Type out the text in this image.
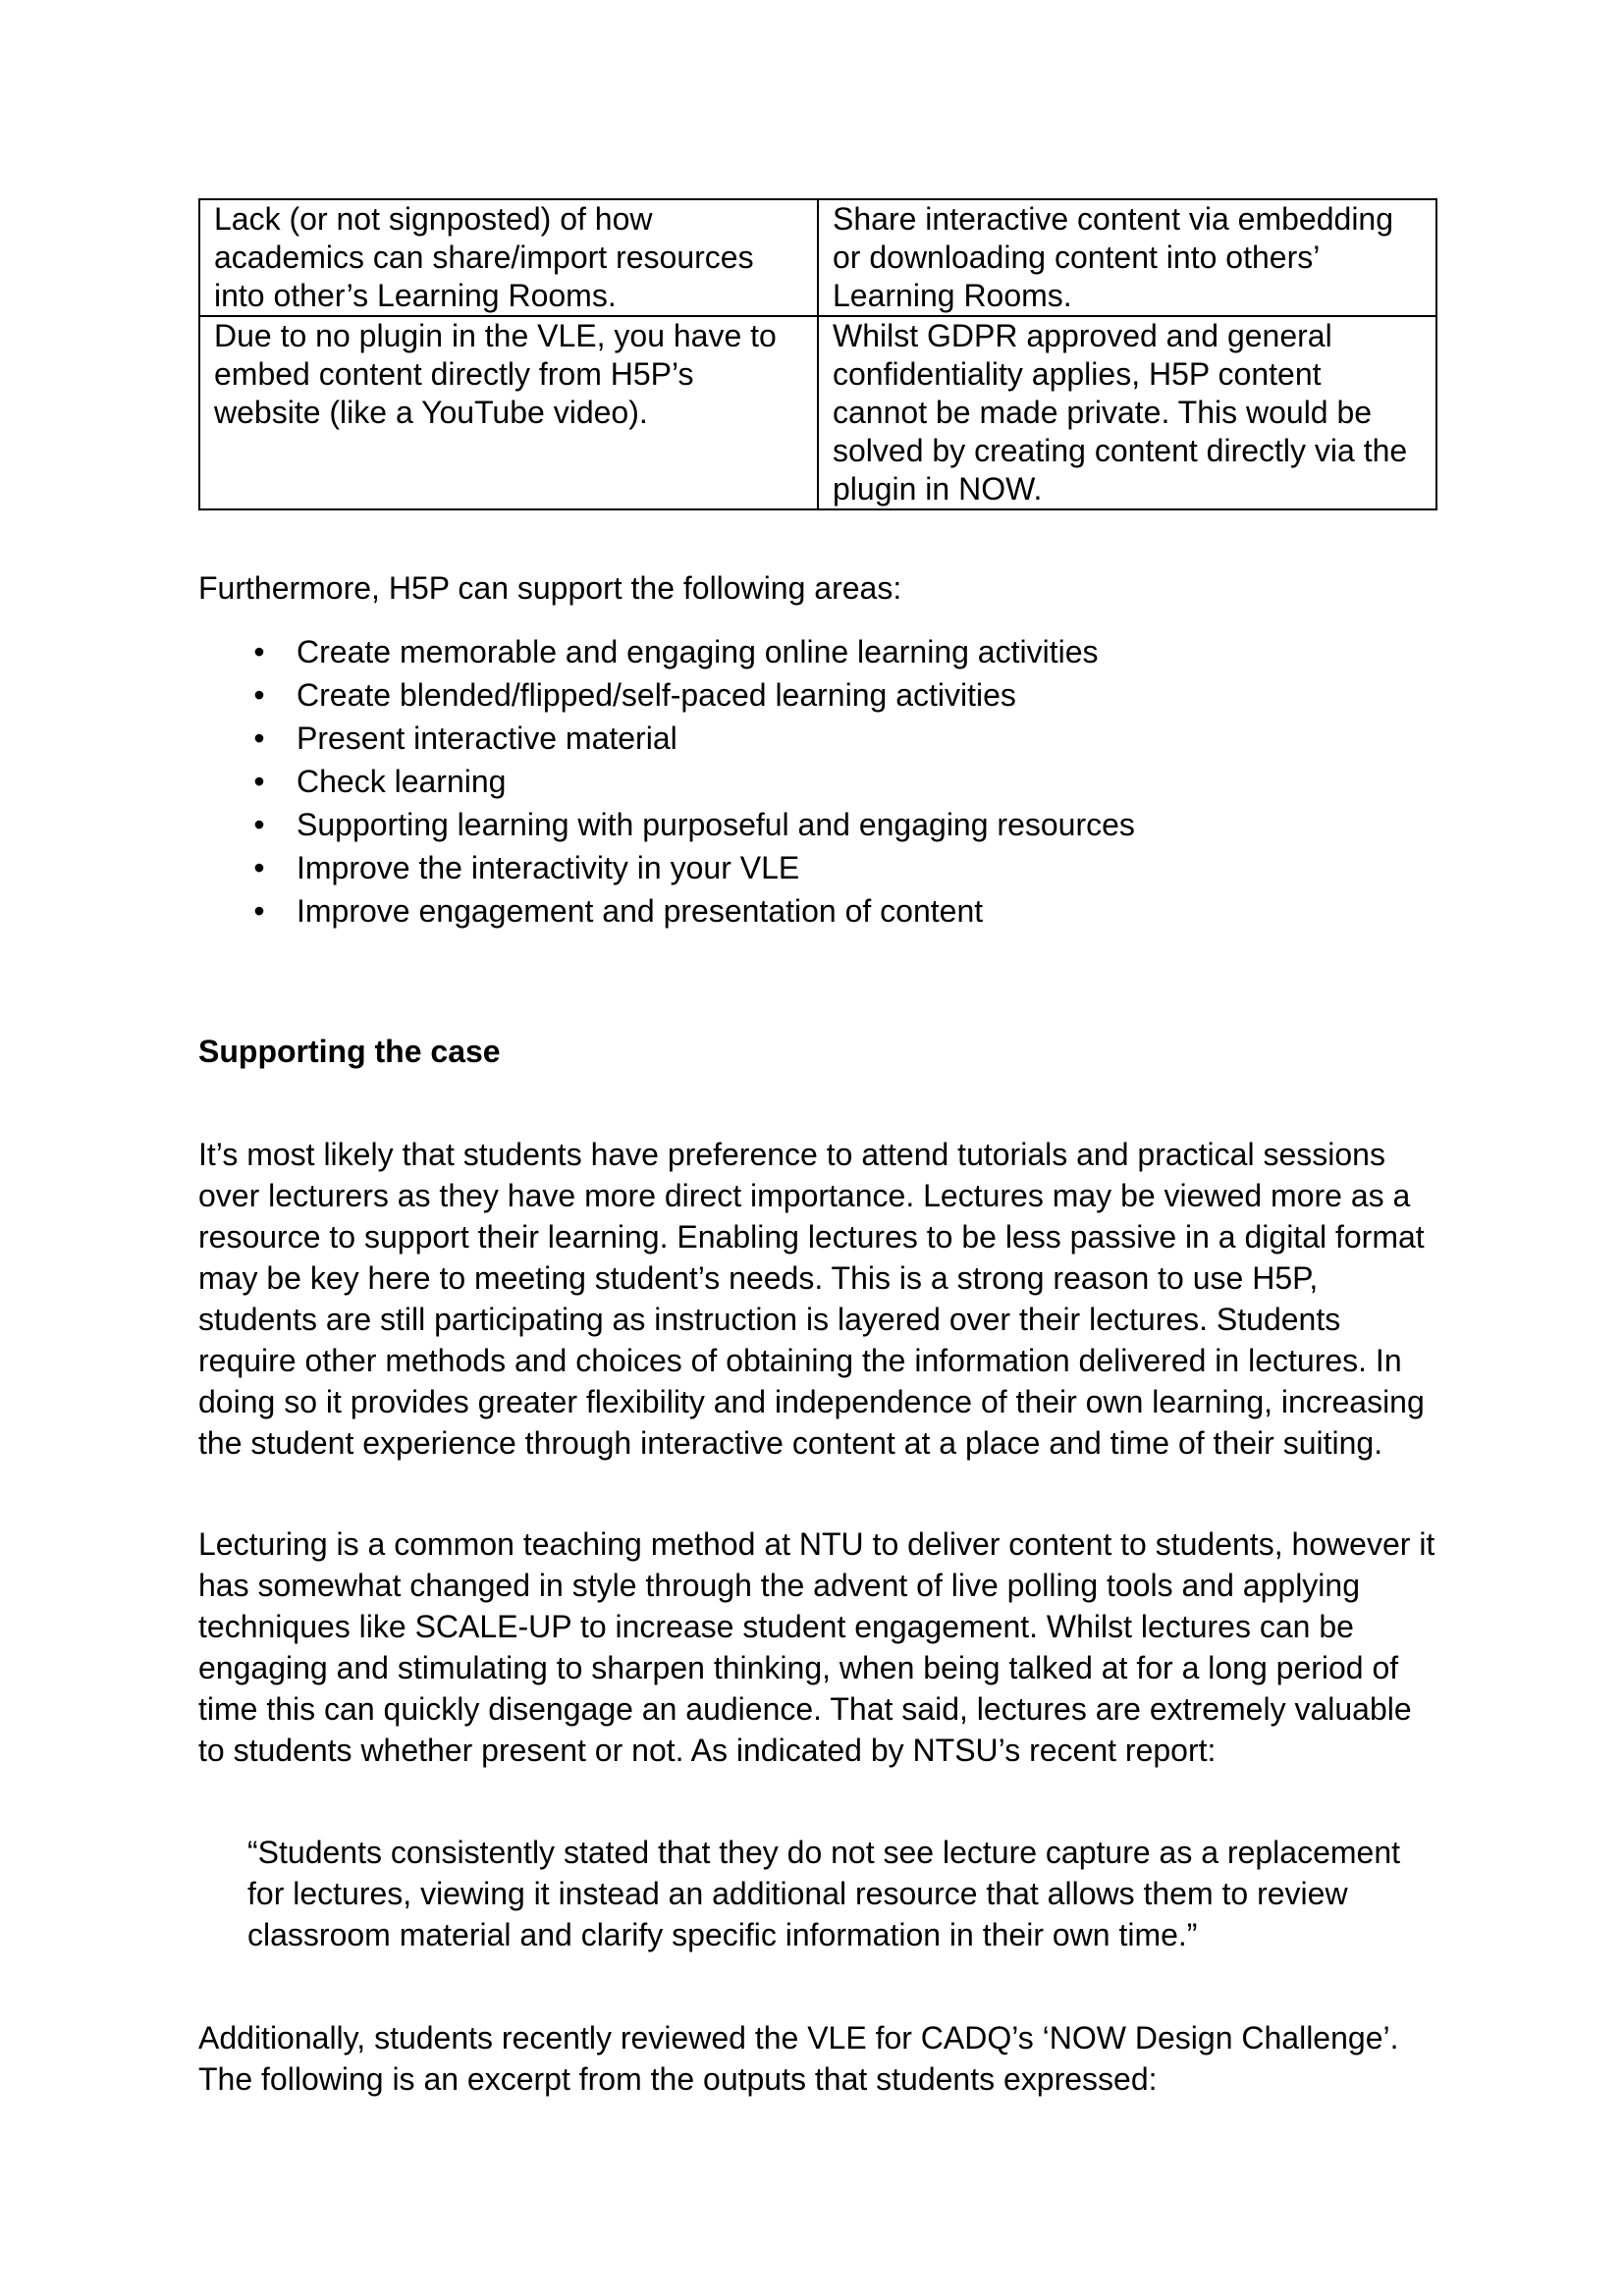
Lack (or not signposted) of how academics can share/import resources into other’s Learning Rooms.	Share interactive content via embedding or downloading content into others’ Learning Rooms.
Due to no plugin in the VLE, you have to embed content directly from H5P’s website (like a YouTube video).	Whilst GDPR approved and general confidentiality applies, H5P content cannot be made private. This would be solved by creating content directly via the plugin in NOW.

Furthermore, H5P can support the following areas:

• Create memorable and engaging online learning activities
• Create blended/flipped/self-paced learning activities
• Present interactive material
• Check learning
• Supporting learning with purposeful and engaging resources
• Improve the interactivity in your VLE
• Improve engagement and presentation of content
Supporting the case

It’s most likely that students have preference to attend tutorials and practical sessions over lecturers as they have more direct importance. Lectures may be viewed more as a resource to support their learning. Enabling lectures to be less passive in a digital format may be key here to meeting student’s needs. This is a strong reason to use H5P, students are still participating as instruction is layered over their lectures. Students require other methods and choices of obtaining the information delivered in lectures. In doing so it provides greater flexibility and independence of their own learning, increasing the student experience through interactive content at a place and time of their suiting.

Lecturing is a common teaching method at NTU to deliver content to students, however it has somewhat changed in style through the advent of live polling tools and applying techniques like SCALE-UP to increase student engagement. Whilst lectures can be engaging and stimulating to sharpen thinking, when being talked at for a long period of time this can quickly disengage an audience. That said, lectures are extremely valuable to students whether present or not. As indicated by NTSU’s recent report:

“Students consistently stated that they do not see lecture capture as a replacement for lectures, viewing it instead an additional resource that allows them to review classroom material and clarify specific information in their own time.”

Additionally, students recently reviewed the VLE for CADQ’s ‘NOW Design Challenge’. The following is an excerpt from the outputs that students expressed:
